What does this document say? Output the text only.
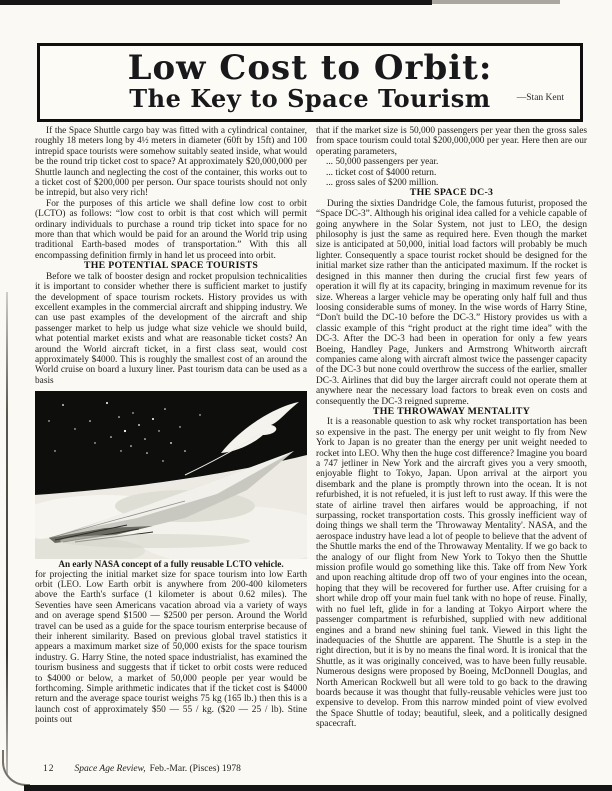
Low Cost to Orbit:
The Key to Space Tourism	—Stan Kent

If the Space Shuttle cargo bay was fitted with a cylindrical container, roughly 18 meters long by 4½ meters in diameter (60ft by 15ft) and 100 intrepid space tourists were somehow suitably seated inside, what would be the round trip ticket cost to space? At approximately $20,000,000 per Shuttle launch and neglecting the cost of the container, this works out to a ticket cost of $200,000 per person. Our space tourists should not only be intrepid, but also very rich!

For the purposes of this article we shall define low cost to orbit (LCTO) as follows: “low cost to orbit is that cost which will permit ordinary individuals to purchase a round trip ticket into space for no more than that which would be paid for an around the World trip using traditional Earth-based modes of transportation.” With this all encompassing definition firmly in hand let us proceed into orbit.

THE POTENTIAL SPACE TOURISTS

Before we talk of booster design and rocket propulsion technicalities it is important to consider whether there is sufficient market to justify the development of space tourism rockets. History provides us with excellent examples in the commercial aircraft and shipping industry. We can use past examples of the development of the aircraft and ship passenger market to help us judge what size vehicle we should build, what potential market exists and what are reasonable ticket costs? An around the World aircraft ticket, in a first class seat, would cost approximately $4000. This is roughly the smallest cost of an around the World cruise on board a luxury liner. Past tourism data can be used as a basis

An early NASA concept of a fully reusable LCTO vehicle.

for projecting the initial market size for space tourism into low Earth orbit (LEO. Low Earth orbit is anywhere from 200-400 kilometers above the Earth's surface (1 kilometer is about 0.62 miles). The Seventies have seen Americans vacation abroad via a variety of ways and on average spend $1500 — $2500 per person. Around the World travel can be used as a guide for the space tourism enterprise because of their inherent similarity. Based on previous global travel statistics it appears a maximum market size of 50,000 exists for the space tourism industry. G. Harry Stine, the noted space industrialist, has examined the tourism business and suggests that if ticket to orbit costs were reduced to $4000 or below, a market of 50,000 people per year would be forthcoming. Simple arithmetic indicates that if the ticket cost is $4000 return and the average space tourist weighs 75 kg (165 lb.) then this is a launch cost of approximately $50 — 55 / kg. ($20 — 25 / lb). Stine points out

that if the market size is 50,000 passengers per year then the gross sales from space tourism could total $200,000,000 per year. Here then are our operating parameters,

... 50,000 passengers per year.

... ticket cost of $4000 return.

... gross sales of $200 million.

THE SPACE DC-3

During the sixties Dandridge Cole, the famous futurist, proposed the “Space DC-3”. Although his original idea called for a vehicle capable of going anywhere in the Solar System, not just to LEO, the design philosophy is just the same as required here. Even though the market size is anticipated at 50,000, initial load factors will probably be much lighter. Consequently a space tourist rocket should be designed for the initial market size rather than the anticipated maximum. If the rocket is designed in this manner then during the crucial first few years of operation it will fly at its capacity, bringing in maximum revenue for its size. Whereas a larger vehicle may be operating only half full and thus loosing considerable sums of money. In the wise words of Harry Stine, “Don't build the DC-10 before the DC-3.” History provides us with a classic example of this “right product at the right time idea” with the DC-3. After the DC-3 had been in operation for only a few years Boeing, Handley Page, Junkers and Armstrong Whitworth aircraft companies came along with aircraft almost twice the passenger capacity of the DC-3 but none could overthrow the success of the earlier, smaller DC-3. Airlines that did buy the larger aircraft could not operate them at anywhere near the necessary load factors to break even on costs and consequently the DC-3 reigned supreme.

THE THROWAWAY MENTALITY

It is a reasonable question to ask why rocket transportation has been so expensive in the past. The energy per unit weight to fly from New York to Japan is no greater than the energy per unit weight needed to rocket into LEO. Why then the huge cost difference? Imagine you board a 747 jetliner in New York and the aircraft gives you a very smooth, enjoyable flight to Tokyo, Japan. Upon arrival at the airport you disembark and the plane is promptly thrown into the ocean. It is not refurbished, it is not refueled, it is just left to rust away. If this were the state of airline travel then airfares would be approaching, if not surpassing, rocket transportation costs. This grossly inefficient way of doing things we shall term the 'Throwaway Mentality'. NASA, and the aerospace industry have lead a lot of people to believe that the advent of the Shuttle marks the end of the Throwaway Mentality. If we go back to the analogy of our flight from New York to Tokyo then the Shuttle mission profile would go something like this. Take off from New York and upon reaching altitude drop off two of your engines into the ocean, hoping that they will be recovered for further use. After cruising for a short while drop off your main fuel tank with no hope of reuse. Finally, with no fuel left, glide in for a landing at Tokyo Airport where the passenger compartment is refurbished, supplied with new additional engines and a brand new shining fuel tank. Viewed in this light the inadequacies of the Shuttle are apparent. The Shuttle is a step in the right direction, but it is by no means the final word. It is ironical that the Shuttle, as it was originally conceived, was to have been fully reusable. Numerous designs were proposed by Boeing, McDonnell Douglas, and North American Rockwell but all were told to go back to the drawing boards because it was thought that fully-reusable vehicles were just too expensive to develop. From this narrow minded point of view evolved the Space Shuttle of today; beautiful, sleek, and a politically designed spacecraft.

12 Space Age Review, Feb.-Mar. (Pisces) 1978
